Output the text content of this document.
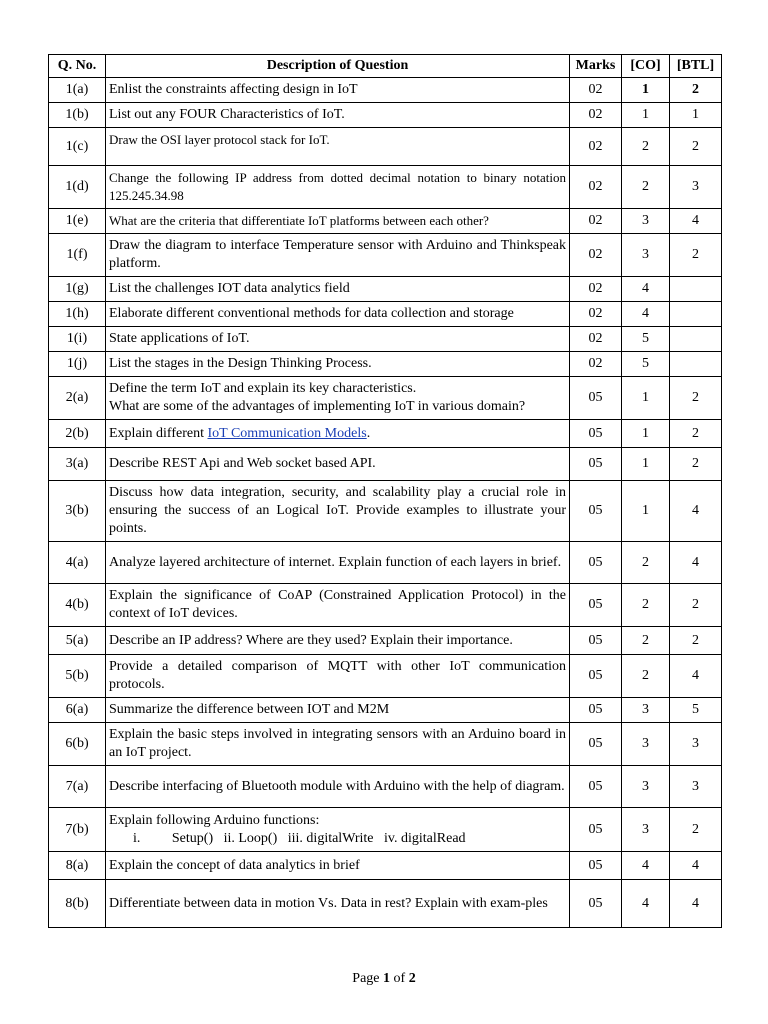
Q. No.	Description of Question	Marks	[CO]	[BTL]
1(a)	Enlist the constraints affecting design in IoT	02	1	2
1(b)	List out any FOUR Characteristics of IoT.	02	1	1
1(c)	Draw the OSI layer protocol stack for IoT.	02	2	2
1(d)	Change the following IP address from dotted decimal notation to binary notation 125.245.34.98	02	2	3
1(e)	What are the criteria that differentiate IoT platforms between each other?	02	3	4
1(f)	Draw the diagram to interface Temperature sensor with Arduino and Thinkspeak platform.	02	3	2
1(g)	List the challenges IOT data analytics field	02	4	
1(h)	Elaborate different conventional methods for data collection and storage	02	4	
1(i)	State applications of IoT.	02	5	
1(j)	List the stages in the Design Thinking Process.	02	5	
2(a)	Define the term IoT and explain its key characteristics.
What are some of the advantages of implementing IoT in various domain?	05	1	2
2(b)	Explain different IoT Communication Models.	05	1	2
3(a)	Describe REST Api and Web socket based API.	05	1	2
3(b)	Discuss how data integration, security, and scalability play a crucial role in ensuring the success of an Logical IoT. Provide examples to illustrate your points.	05	1	4
4(a)	Analyze layered architecture of internet. Explain function of each layers in brief.	05	2	4
4(b)	Explain the significance of CoAP (Constrained Application Protocol) in the context of IoT devices.	05	2	2
5(a)	Describe an IP address? Where are they used? Explain their importance.	05	2	2
5(b)	Provide a detailed comparison of MQTT with other IoT communication protocols.	05	2	4
6(a)	Summarize the difference between IOT and M2M	05	3	5
6(b)	Explain the basic steps involved in integrating sensors with an Arduino board in an IoT project.	05	3	3
7(a)	Describe interfacing of Bluetooth module with Arduino with the help of diagram.	05	3	3
7(b)	Explain following Arduino functions:
i.         Setup()   ii. Loop()   iii. digitalWrite   iv. digitalRead	05	3	2
8(a)	Explain the concept of data analytics in brief	05	4	4
8(b)	Differentiate between data in motion Vs. Data in rest? Explain with exam-ples	05	4	4
Page 1 of 2
